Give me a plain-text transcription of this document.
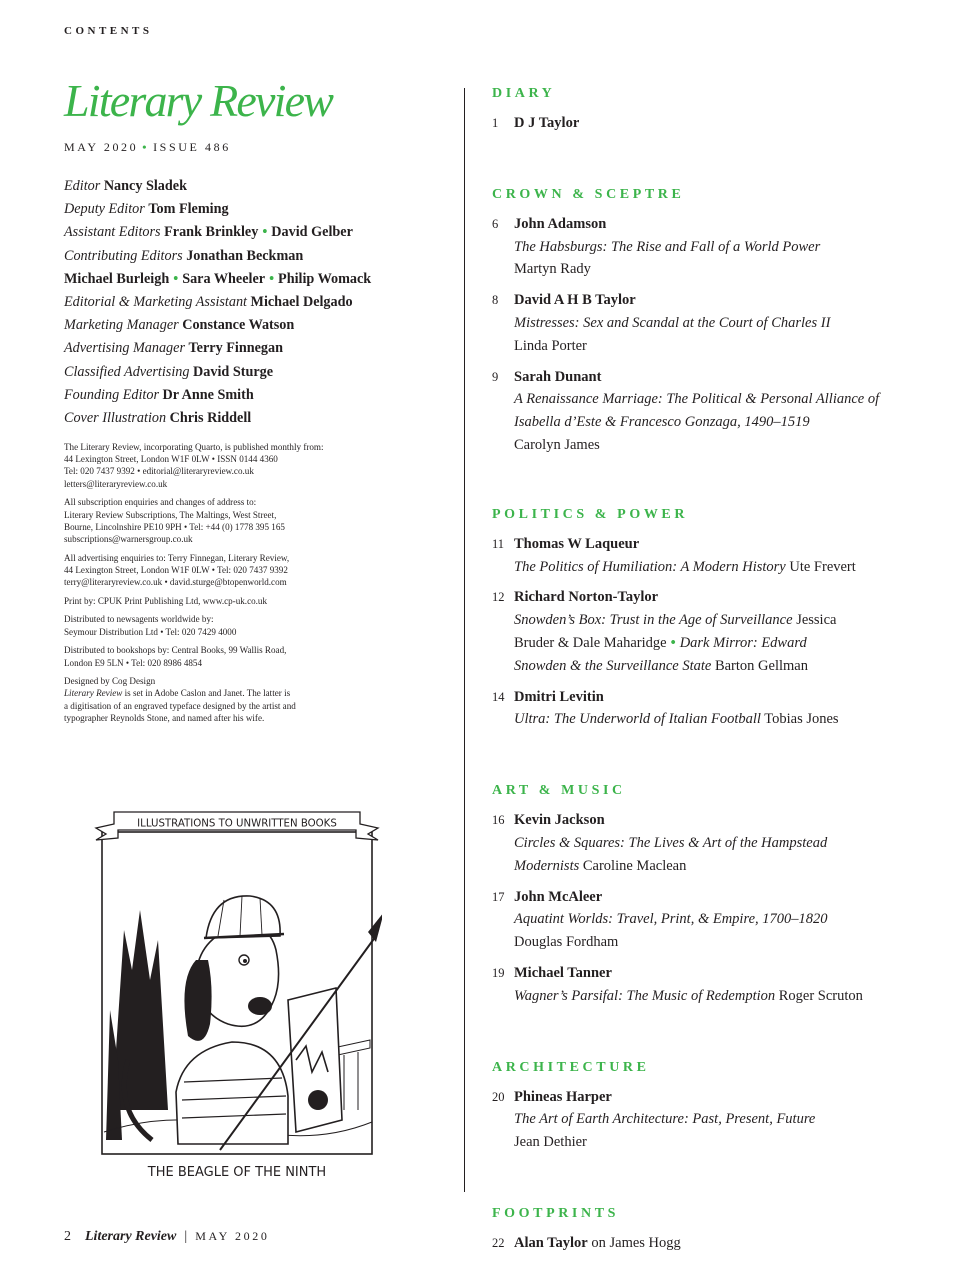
CONTENTS
Literary Review
MAY 2020 • ISSUE 486
Editor Nancy Sladek
Deputy Editor Tom Fleming
Assistant Editors Frank Brinkley • David Gelber
Contributing Editors Jonathan Beckman
Michael Burleigh • Sara Wheeler • Philip Womack
Editorial & Marketing Assistant Michael Delgado
Marketing Manager Constance Watson
Advertising Manager Terry Finnegan
Classified Advertising David Sturge
Founding Editor Dr Anne Smith
Cover Illustration Chris Riddell

The Literary Review, incorporating Quarto, is published monthly from:
44 Lexington Street, London W1F 0LW • ISSN 0144 4360
Tel: 020 7437 9392 • editorial@literaryreview.co.uk
letters@literaryreview.co.uk

All subscription enquiries and changes of address to:
Literary Review Subscriptions, The Maltings, West Street,
Bourne, Lincolnshire PE10 9PH • Tel: +44 (0) 1778 395 165
subscriptions@warnersgroup.co.uk

All advertising enquiries to: Terry Finnegan, Literary Review,
44 Lexington Street, London W1F 0LW • Tel: 020 7437 9392
terry@literaryreview.co.uk • david.sturge@btopenworld.com

Print by: CPUK Print Publishing Ltd, www.cp-uk.co.uk

Distributed to newsagents worldwide by:
Seymour Distribution Ltd • Tel: 020 7429 4000

Distributed to bookshops by: Central Books, 99 Wallis Road,
London E9 5LN • Tel: 020 8986 4854

Designed by Cog Design
Literary Review is set in Adobe Caslon and Janet. The latter is
a digitisation of an engraved typeface designed by the artist and
typographer Reynolds Stone, and named after his wife.

ILLUSTRATIONS TO UNWRITTEN BOOKS
THE BEAGLE OF THE NINTH
DIARY
1 D J Taylor
CROWN & SCEPTRE
6 John Adamson
The Habsburgs: The Rise and Fall of a World Power
Martyn Rady
8 David A H B Taylor
Mistresses: Sex and Scandal at the Court of Charles II
Linda Porter
9 Sarah Dunant
A Renaissance Marriage: The Political & Personal Alliance of
Isabella d’Este & Francesco Gonzaga, 1490–1519
Carolyn James
POLITICS & POWER
11 Thomas W Laqueur
The Politics of Humiliation: A Modern History Ute Frevert
12 Richard Norton-Taylor
Snowden’s Box: Trust in the Age of Surveillance Jessica
Bruder & Dale Maharidge • Dark Mirror: Edward
Snowden & the Surveillance State Barton Gellman
14 Dmitri Levitin
Ultra: The Underworld of Italian Football Tobias Jones
ART & MUSIC
16 Kevin Jackson
Circles & Squares: The Lives & Art of the Hampstead
Modernists Caroline Maclean
17 John McAleer
Aquatint Worlds: Travel, Print, & Empire, 1700–1820
Douglas Fordham
19 Michael Tanner
Wagner’s Parsifal: The Music of Redemption Roger Scruton
ARCHITECTURE
20 Phineas Harper
The Art of Earth Architecture: Past, Present, Future
Jean Dethier
FOOTPRINTS
22 Alan Taylor on James Hogg
2 Literary Review | MAY 2020
